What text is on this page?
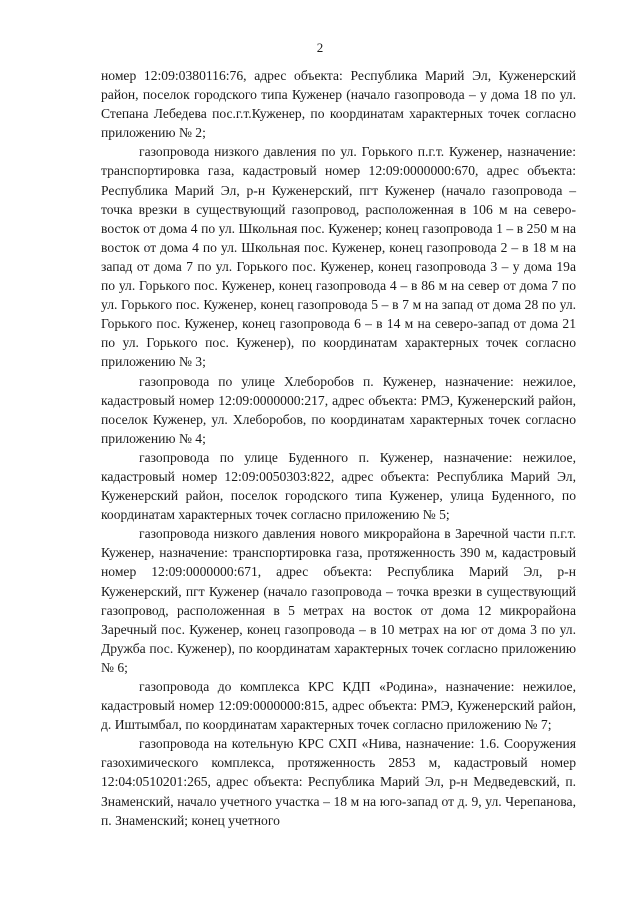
2

номер 12:09:0380116:76, адрес объекта: Республика Марий Эл, Куженерский район, поселок городского типа Куженер (начало газопровода – у дома 18 по ул. Степана Лебедева пос.г.т.Куженер, по координатам характерных точек согласно приложению № 2;

газопровода низкого давления по ул. Горького п.г.т. Куженер, назначение: транспортировка газа, кадастровый номер 12:09:0000000:670, адрес объекта: Республика Марий Эл, р-н Куженерский, пгт Куженер (начало газопровода – точка врезки в существующий газопровод, расположенная в 106 м на северо-восток от дома 4 по ул. Школьная пос. Куженер; конец газопровода 1 – в 250 м на восток от дома 4 по ул. Школьная пос. Куженер, конец газопровода 2 – в 18 м на запад от дома 7 по ул. Горького пос. Куженер, конец газопровода 3 – у дома 19а по ул. Горького пос. Куженер, конец газопровода 4 – в 86 м на север от дома 7 по ул. Горького пос. Куженер, конец газопровода 5 – в 7 м на запад от дома 28 по ул. Горького пос. Куженер, конец газопровода 6 – в 14 м на северо-запад от дома 21 по ул. Горького пос. Куженер), по координатам характерных точек согласно приложению № 3;

газопровода по улице Хлеборобов п. Куженер, назначение: нежилое, кадастровый номер 12:09:0000000:217, адрес объекта: РМЭ, Куженерский район, поселок Куженер, ул. Хлеборобов, по координатам характерных точек согласно приложению № 4;

газопровода по улице Буденного п. Куженер, назначение: нежилое, кадастровый номер 12:09:0050303:822, адрес объекта: Республика Марий Эл, Куженерский район, поселок городского типа Куженер, улица Буденного, по координатам характерных точек согласно приложению № 5;

газопровода низкого давления нового микрорайона в Заречной части п.г.т. Куженер, назначение: транспортировка газа, протяженность 390 м, кадастровый номер 12:09:0000000:671, адрес объекта: Республика Марий Эл, р-н Куженерский, пгт Куженер (начало газопровода – точка врезки в существующий газопровод, расположенная в 5 метрах на восток от дома 12 микрорайона Заречный пос. Куженер, конец газопровода – в 10 метрах на юг от дома 3 по ул. Дружба пос. Куженер), по координатам характерных точек согласно приложению № 6;

газопровода до комплекса КРС КДП «Родина», назначение: нежилое, кадастровый номер 12:09:0000000:815, адрес объекта: РМЭ, Куженерский район, д. Иштымбал, по координатам характерных точек согласно приложению № 7;

газопровода на котельную КРС СХП «Нива, назначение: 1.6. Сооружения газохимического комплекса, протяженность 2853 м, кадастровый номер 12:04:0510201:265, адрес объекта: Республика Марий Эл, р-н Медведевский, п. Знаменский, начало учетного участка – 18 м на юго-запад от д. 9, ул. Черепанова, п. Знаменский; конец учетного
